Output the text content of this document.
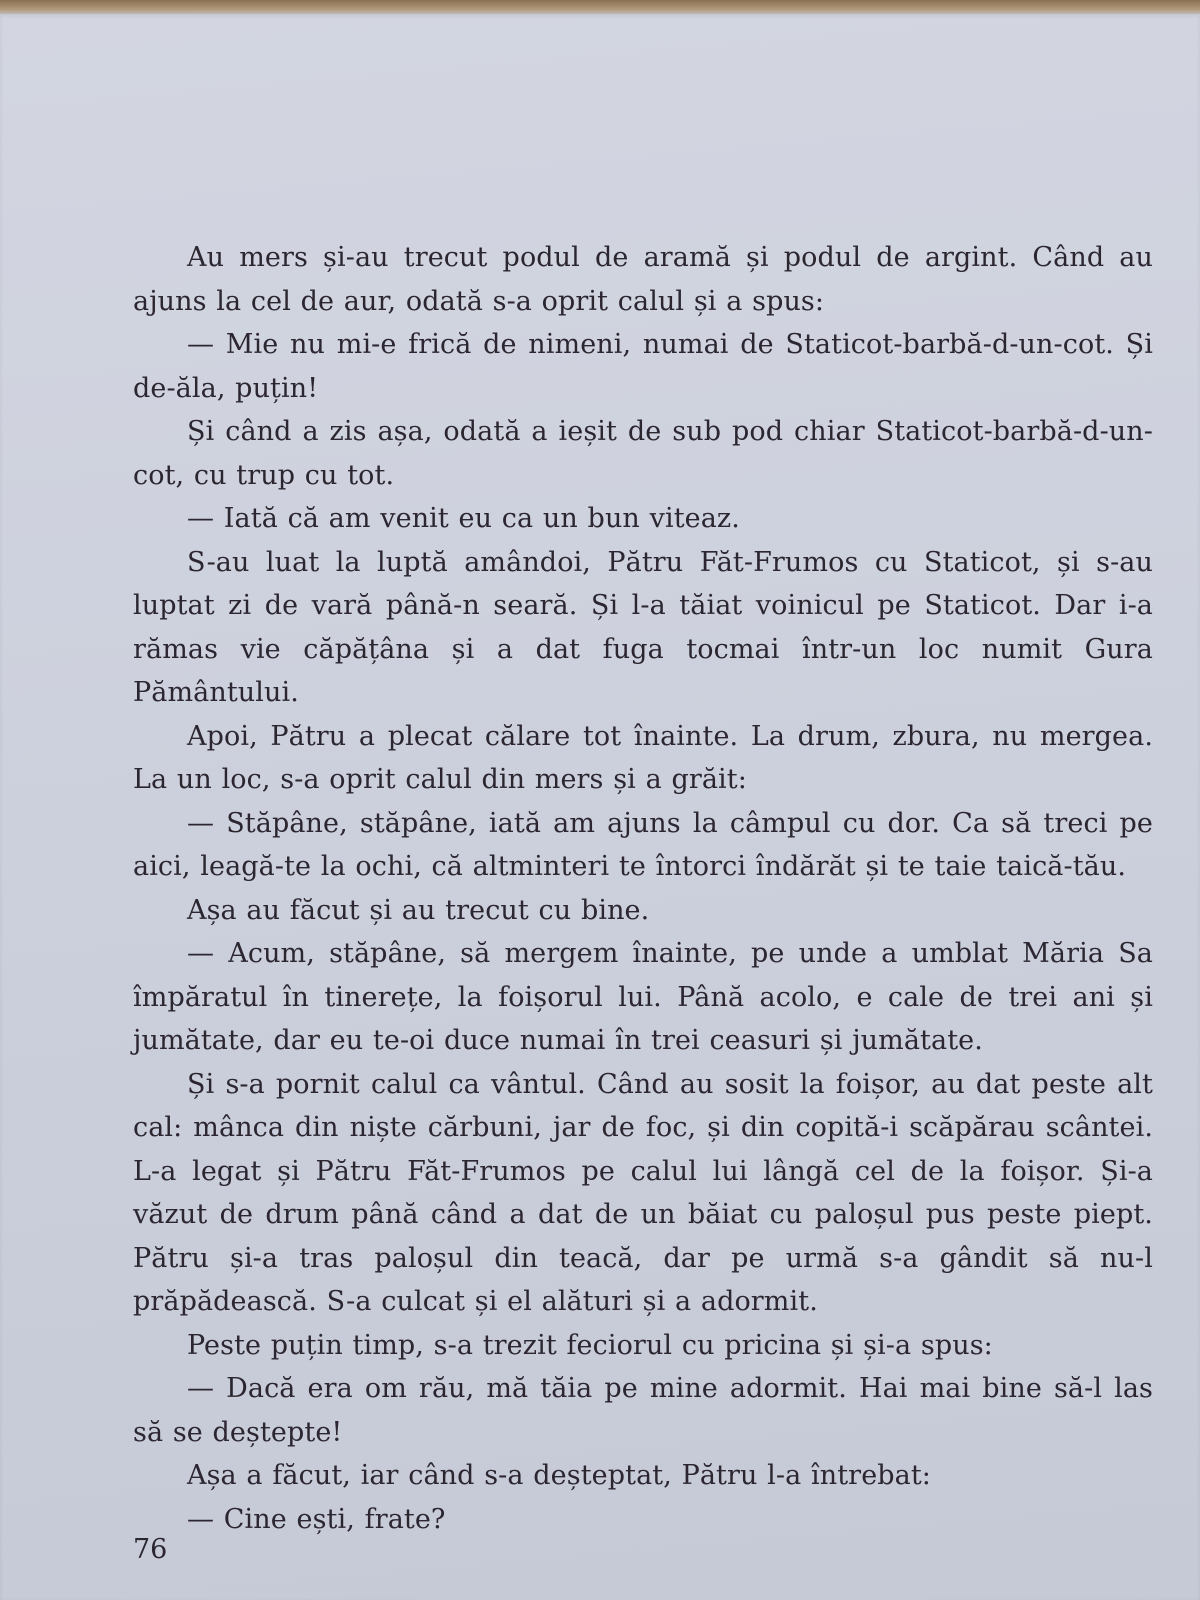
Au mers și-au trecut podul de aramă și podul de argint. Când au ajuns la cel de aur, odată s-a oprit calul și a spus:

— Mie nu mi-e frică de nimeni, numai de Staticot-barbă-d-un-cot. Și de-ăla, puțin!

Și când a zis așa, odată a ieșit de sub pod chiar Staticot-barbă-d-un-cot, cu trup cu tot.

— Iată că am venit eu ca un bun viteaz.

S-au luat la luptă amândoi, Pătru Făt-Frumos cu Staticot, și s-au luptat zi de vară până-n seară. Și l-a tăiat voinicul pe Staticot. Dar i-a rămas vie căpățâna și a dat fuga tocmai într-un loc numit Gura Pământului.

Apoi, Pătru a plecat călare tot înainte. La drum, zbura, nu mergea. La un loc, s-a oprit calul din mers și a grăit:

— Stăpâne, stăpâne, iată am ajuns la câmpul cu dor. Ca să treci pe aici, leagă-te la ochi, că altminteri te întorci îndărăt și te taie taică-tău.

Așa au făcut și au trecut cu bine.

— Acum, stăpâne, să mergem înainte, pe unde a umblat Măria Sa împăratul în tinerețe, la foișorul lui. Până acolo, e cale de trei ani și jumătate, dar eu te-oi duce numai în trei ceasuri și jumătate.

Și s-a pornit calul ca vântul. Când au sosit la foișor, au dat peste alt cal: mânca din niște cărbuni, jar de foc, și din copită-i scăpărau scântei. L-a legat și Pătru Făt-Frumos pe calul lui lângă cel de la foișor. Și-a văzut de drum până când a dat de un băiat cu paloșul pus peste piept. Pătru și-a tras paloșul din teacă, dar pe urmă s-a gândit să nu-l prăpădească. S-a culcat și el alături și a adormit.

Peste puțin timp, s-a trezit feciorul cu pricina și și-a spus:

— Dacă era om rău, mă tăia pe mine adormit. Hai mai bine să-l las să se deștepte!

Așa a făcut, iar când s-a deșteptat, Pătru l-a întrebat:

— Cine ești, frate?

76
